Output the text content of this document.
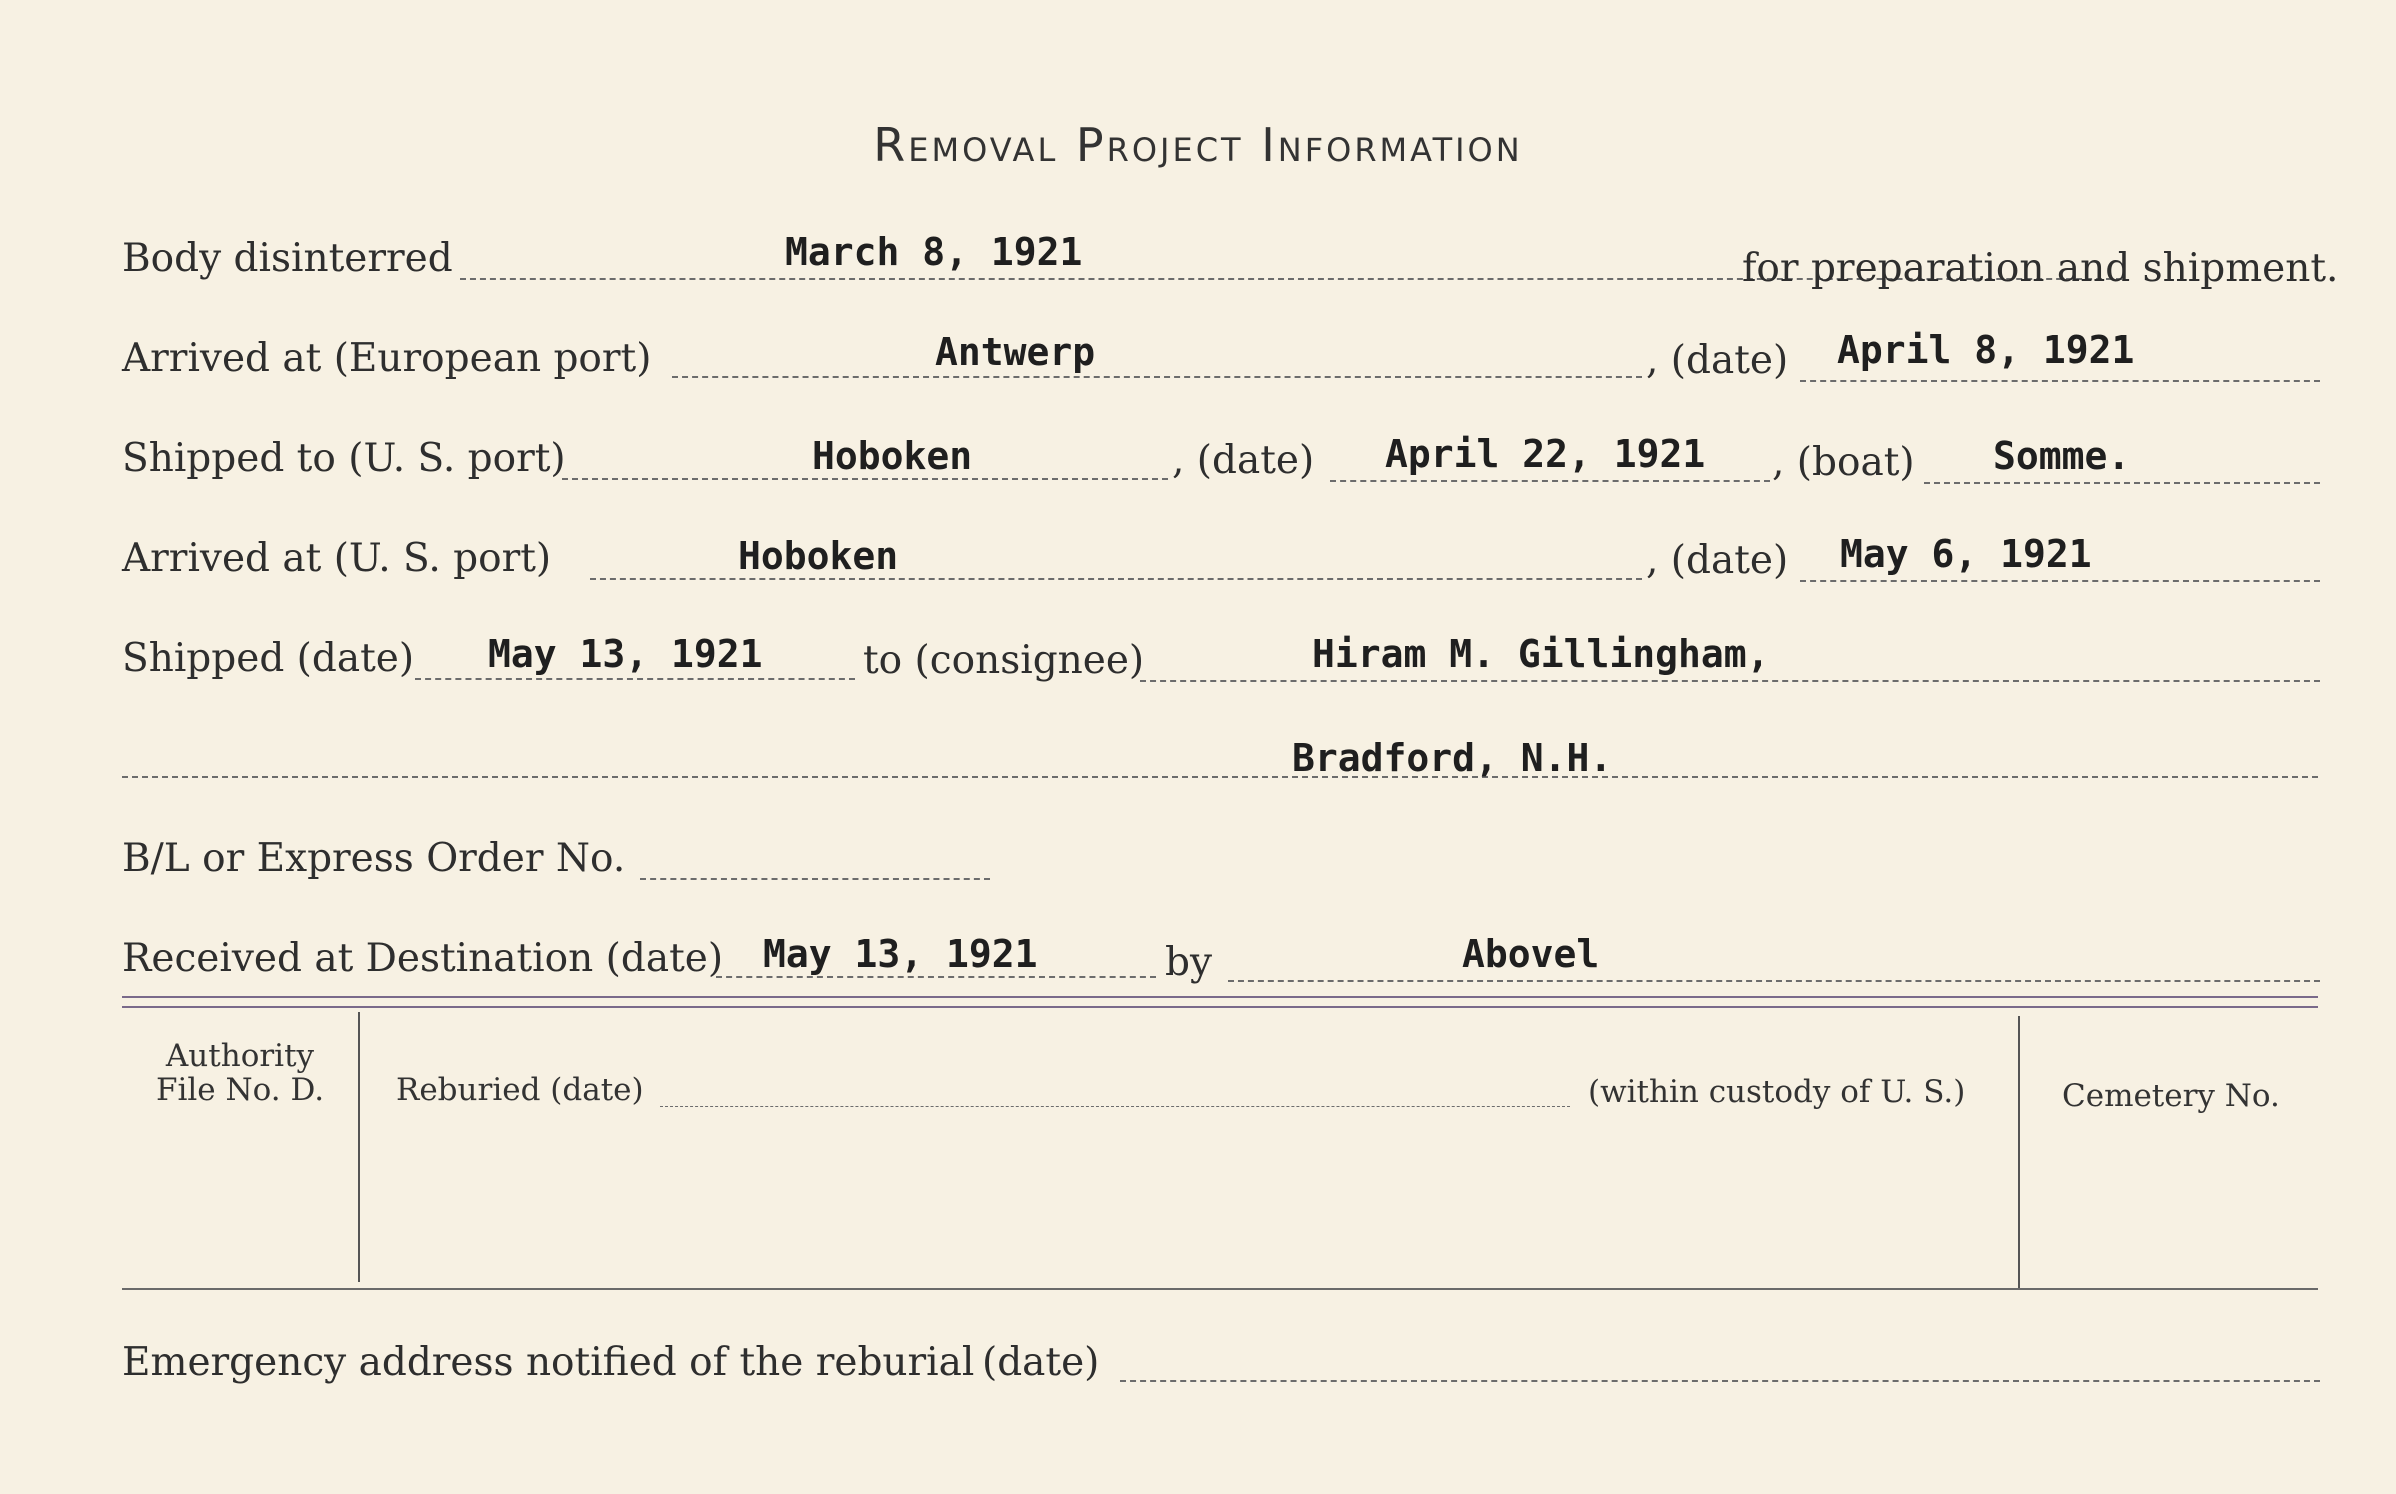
Removal Project Information
Body disinterred	March 8, 1921	for preparation and shipment.
Arrived at (European port)	Antwerp	, (date) April 8, 1921
Shipped to (U. S. port)	Hoboken	, (date) April 22, 1921 , (boat) Somme.
Arrived at (U. S. port)	Hoboken	, (date) May 6, 1921
Shipped (date) May 13, 1921	to (consignee)	Hiram M. Gillingham,
Bradford, N.H.
B/L or Express Order No.
Received at Destination (date) May 13, 1921	by	Abovel
Authority
File No. D.	Reburied (date)	(within custody of U. S.)	Cemetery No.
Emergency address notified of the reburial (date)
